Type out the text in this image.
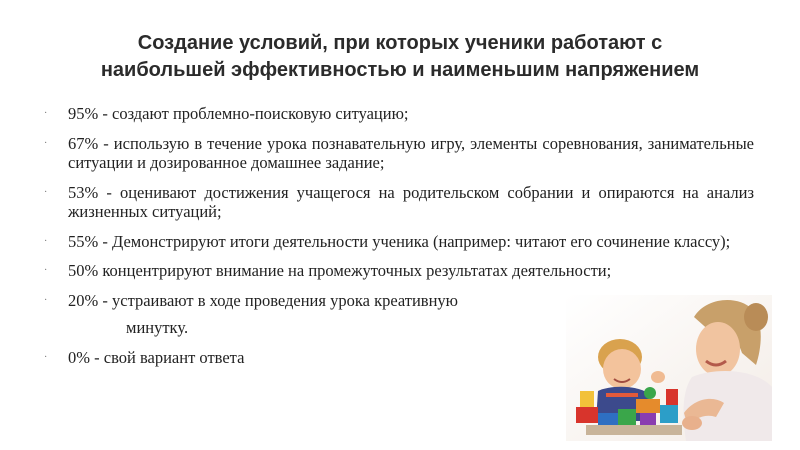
Создание условий, при которых ученики работают с
наибольшей эффективностью и наименьшим напряжением
· 95% - создают проблемно-поисковую ситуацию;
· 67% - использую в течение урока познавательную игру, элементы соревнования, занимательные ситуации и дозированное домашнее задание;
· 53% - оценивают достижения учащегося на родительском собрании и опираются на анализ жизненных ситуаций;
· 55% - Демонстрируют итоги деятельности ученика (например: читают его сочинение классу);
· 50% концентрируют внимание на промежуточных результатах деятельности;
· 20% - устраивают в ходе проведения урока креативную
минутку.
· 0% - свой вариант ответа
